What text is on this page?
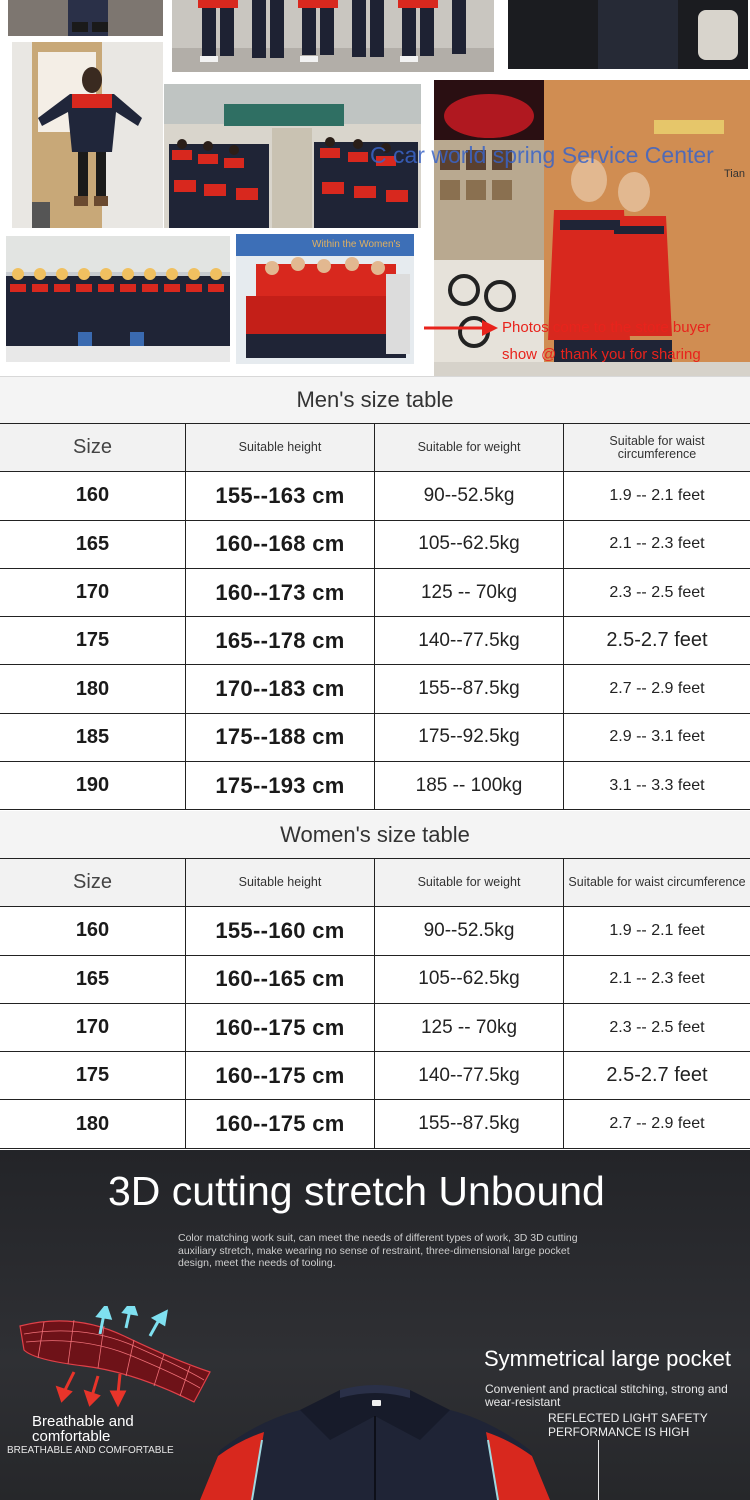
C car world spring Service Center
Tian
Within the Women's
Photos come to the store buyer
show @ thank you for sharing
Men's size table
Size	Suitable height	Suitable for weight	Suitable for waist circumference
160	155--163 cm	90--52.5kg	1.9 -- 2.1 feet
165	160--168 cm	105--62.5kg	2.1 -- 2.3 feet
170	160--173 cm	125 -- 70kg	2.3 -- 2.5 feet
175	165--178 cm	140--77.5kg	2.5-2.7 feet
180	170--183 cm	155--87.5kg	2.7 -- 2.9 feet
185	175--188 cm	175--92.5kg	2.9 -- 3.1 feet
190	175--193 cm	185 -- 100kg	3.1 -- 3.3 feet
Women's size table
Size	Suitable height	Suitable for weight	Suitable for waist circumference
160	155--160 cm	90--52.5kg	1.9 -- 2.1 feet
165	160--165 cm	105--62.5kg	2.1 -- 2.3 feet
170	160--175 cm	125 -- 70kg	2.3 -- 2.5 feet
175	160--175 cm	140--77.5kg	2.5-2.7 feet
180	160--175 cm	155--87.5kg	2.7 -- 2.9 feet
3D cutting stretch Unbound
Color matching work suit, can meet the needs of different types of work, 3D 3D cutting auxiliary stretch, make wearing no sense of restraint, three-dimensional large pocket design, meet the needs of tooling.
Breathable and comfortable
BREATHABLE AND COMFORTABLE
Symmetrical large pocket
Convenient and practical stitching, strong and wear-resistant
REFLECTED LIGHT SAFETY PERFORMANCE IS HIGH
